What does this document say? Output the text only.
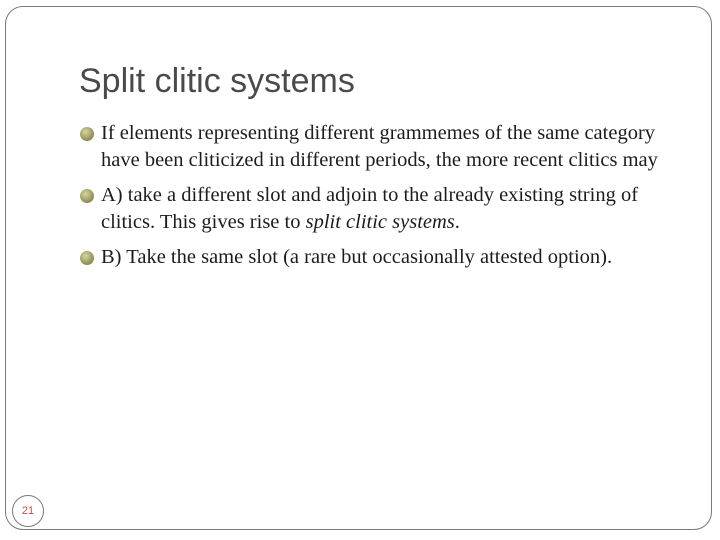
Split clitic systems
If elements representing different grammemes of the same category have been cliticized in different periods, the more recent clitics may
A) take a different slot and adjoin to the already existing string of clitics. This gives rise to split clitic systems.
B) Take the same slot (a rare but occasionally attested option).
21
